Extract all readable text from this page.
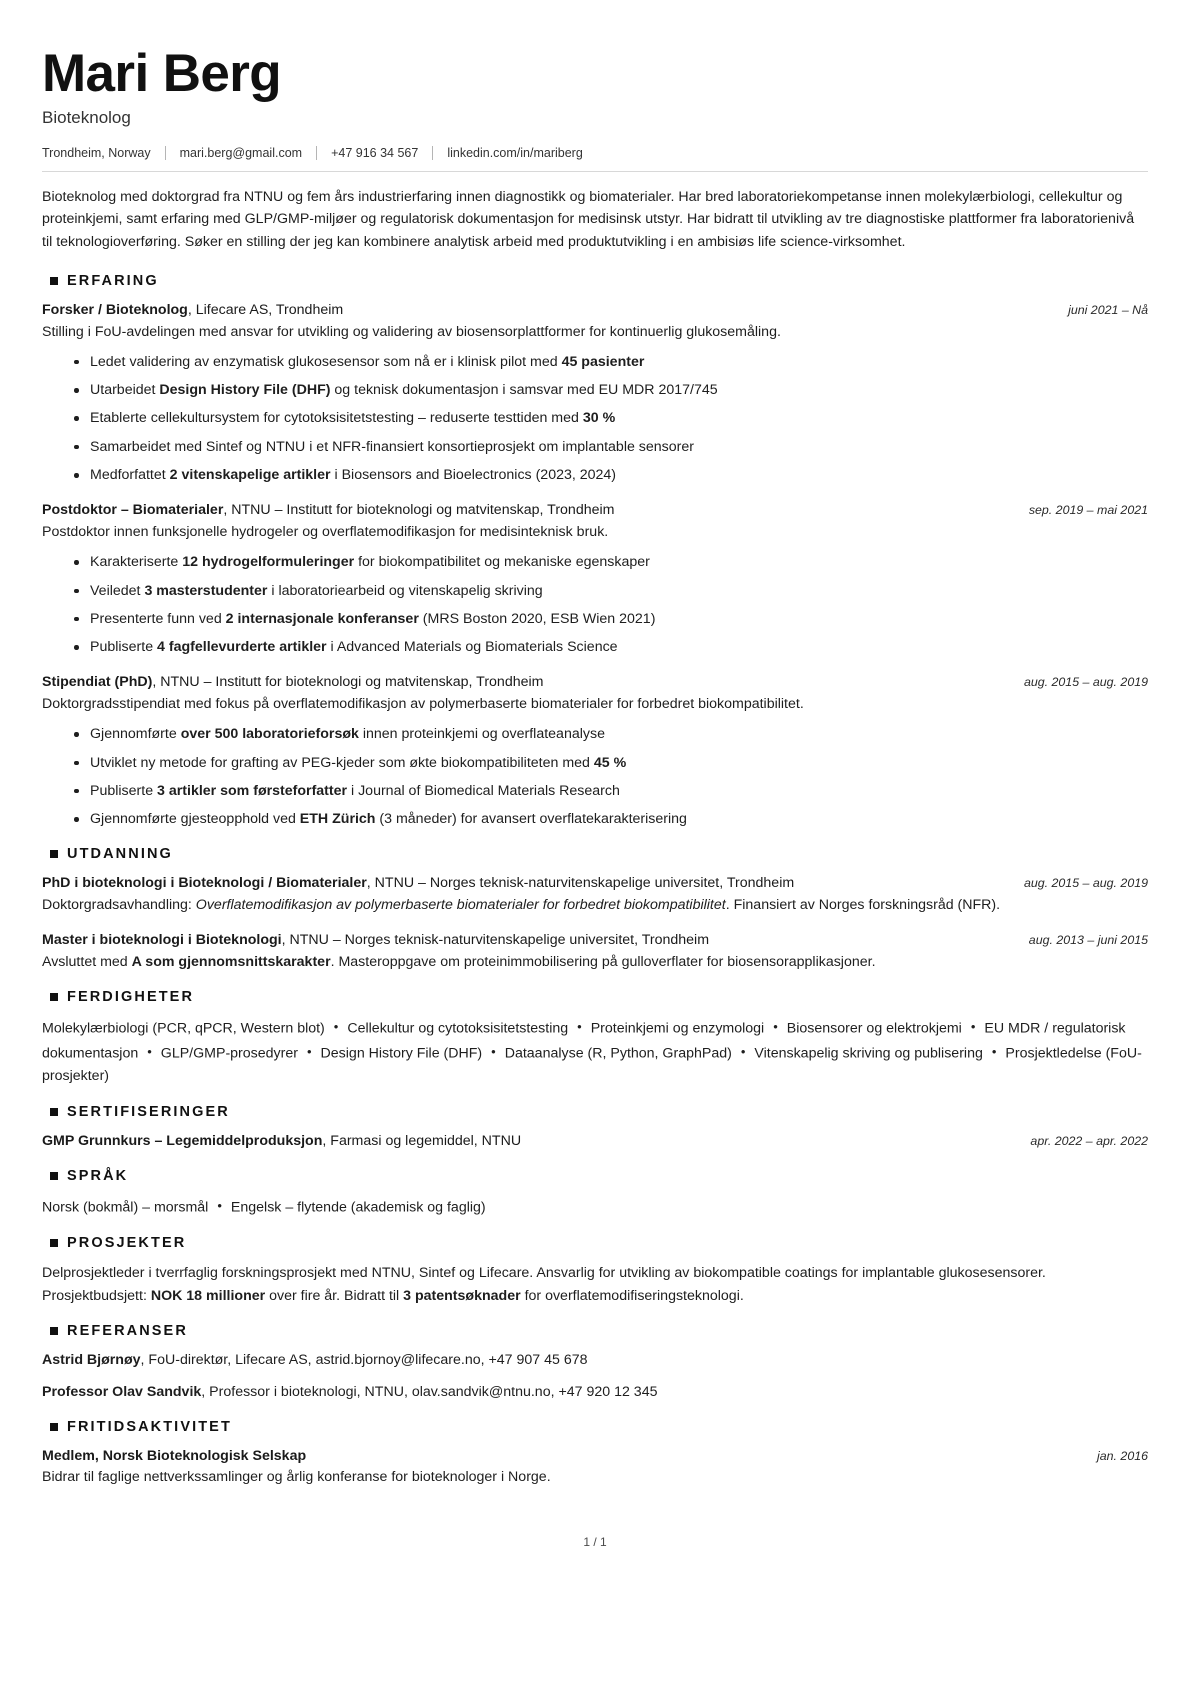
Mari Berg
Bioteknolog
Trondheim, Norway mari.berg@gmail.com +47 916 34 567 linkedin.com/in/mariberg

Bioteknolog med doktorgrad fra NTNU og fem års industrierfaring innen diagnostikk og biomaterialer. Har bred laboratoriekompetanse innen molekylærbiologi, cellekultur og proteinkjemi, samt erfaring med GLP/GMP-miljøer og regulatorisk dokumentasjon for medisinsk utstyr. Har bidratt til utvikling av tre diagnostiske plattformer fra laboratorienivå til teknologioverføring. Søker en stilling der jeg kan kombinere analytisk arbeid med produktutvikling i en ambisiøs life science-virksomhet.

ERFARING
Forsker / Bioteknolog, Lifecare AS, Trondheim	juni 2021 – Nå
Stilling i FoU-avdelingen med ansvar for utvikling og validering av biosensorplattformer for kontinuerlig glukosemåling.
Ledet validering av enzymatisk glukosesensor som nå er i klinisk pilot med 45 pasienter
Utarbeidet Design History File (DHF) og teknisk dokumentasjon i samsvar med EU MDR 2017/745
Etablerte cellekultursystem for cytotoksisitetstesting – reduserte testtiden med 30 %
Samarbeidet med Sintef og NTNU i et NFR-finansiert konsortieprosjekt om implantable sensorer
Medforfattet 2 vitenskapelige artikler i Biosensors and Bioelectronics (2023, 2024)
Postdoktor – Biomaterialer, NTNU – Institutt for bioteknologi og matvitenskap, Trondheim	sep. 2019 – mai 2021
Postdoktor innen funksjonelle hydrogeler og overflatemodifikasjon for medisinteknisk bruk.
Karakteriserte 12 hydrogelformuleringer for biokompatibilitet og mekaniske egenskaper
Veiledet 3 masterstudenter i laboratoriearbeid og vitenskapelig skriving
Presenterte funn ved 2 internasjonale konferanser (MRS Boston 2020, ESB Wien 2021)
Publiserte 4 fagfellevurderte artikler i Advanced Materials og Biomaterials Science
Stipendiat (PhD), NTNU – Institutt for bioteknologi og matvitenskap, Trondheim	aug. 2015 – aug. 2019
Doktorgradsstipendiat med fokus på overflatemodifikasjon av polymerbaserte biomaterialer for forbedret biokompatibilitet.
Gjennomførte over 500 laboratorieforsøk innen proteinkjemi og overflateanalyse
Utviklet ny metode for grafting av PEG-kjeder som økte biokompatibiliteten med 45 %
Publiserte 3 artikler som førsteforfatter i Journal of Biomedical Materials Research
Gjennomførte gjesteopphold ved ETH Zürich (3 måneder) for avansert overflatekarakterisering
UTDANNING
PhD i bioteknologi i Bioteknologi / Biomaterialer, NTNU – Norges teknisk-naturvitenskapelige universitet, Trondheim	aug. 2015 – aug. 2019
Doktorgradsavhandling: Overflatemodifikasjon av polymerbaserte biomaterialer for forbedret biokompatibilitet. Finansiert av Norges forskningsråd (NFR).
Master i bioteknologi i Bioteknologi, NTNU – Norges teknisk-naturvitenskapelige universitet, Trondheim	aug. 2013 – juni 2015
Avsluttet med A som gjennomsnittskarakter. Masteroppgave om proteinimmobilisering på gulloverflater for biosensorapplikasjoner.
FERDIGHETER
Molekylærbiologi (PCR, qPCR, Western blot) • Cellekultur og cytotoksisitetstesting • Proteinkjemi og enzymologi • Biosensorer og elektrokjemi • EU MDR / regulatorisk dokumentasjon • GLP/GMP-prosedyrer • Design History File (DHF) • Dataanalyse (R, Python, GraphPad) • Vitenskapelig skriving og publisering • Prosjektledelse (FoU-prosjekter)
SERTIFISERINGER
GMP Grunnkurs – Legemiddelproduksjon, Farmasi og legemiddel, NTNU	apr. 2022 – apr. 2022
SPRÅK
Norsk (bokmål) – morsmål • Engelsk – flytende (akademisk og faglig)
PROSJEKTER

Delprosjektleder i tverrfaglig forskningsprosjekt med NTNU, Sintef og Lifecare. Ansvarlig for utvikling av biokompatible coatings for implantable glukosesensorer. Prosjektbudsjett: NOK 18 millioner over fire år. Bidratt til 3 patentsøknader for overflatemodifiseringsteknologi.

REFERANSER
Astrid Bjørnøy, FoU-direktør, Lifecare AS, astrid.bjornoy@lifecare.no, +47 907 45 678
Professor Olav Sandvik, Professor i bioteknologi, NTNU, olav.sandvik@ntnu.no, +47 920 12 345
FRITIDSAKTIVITET
Medlem, Norsk Bioteknologisk Selskap	jan. 2016
Bidrar til faglige nettverkssamlinger og årlig konferanse for bioteknologer i Norge.
1 / 1
